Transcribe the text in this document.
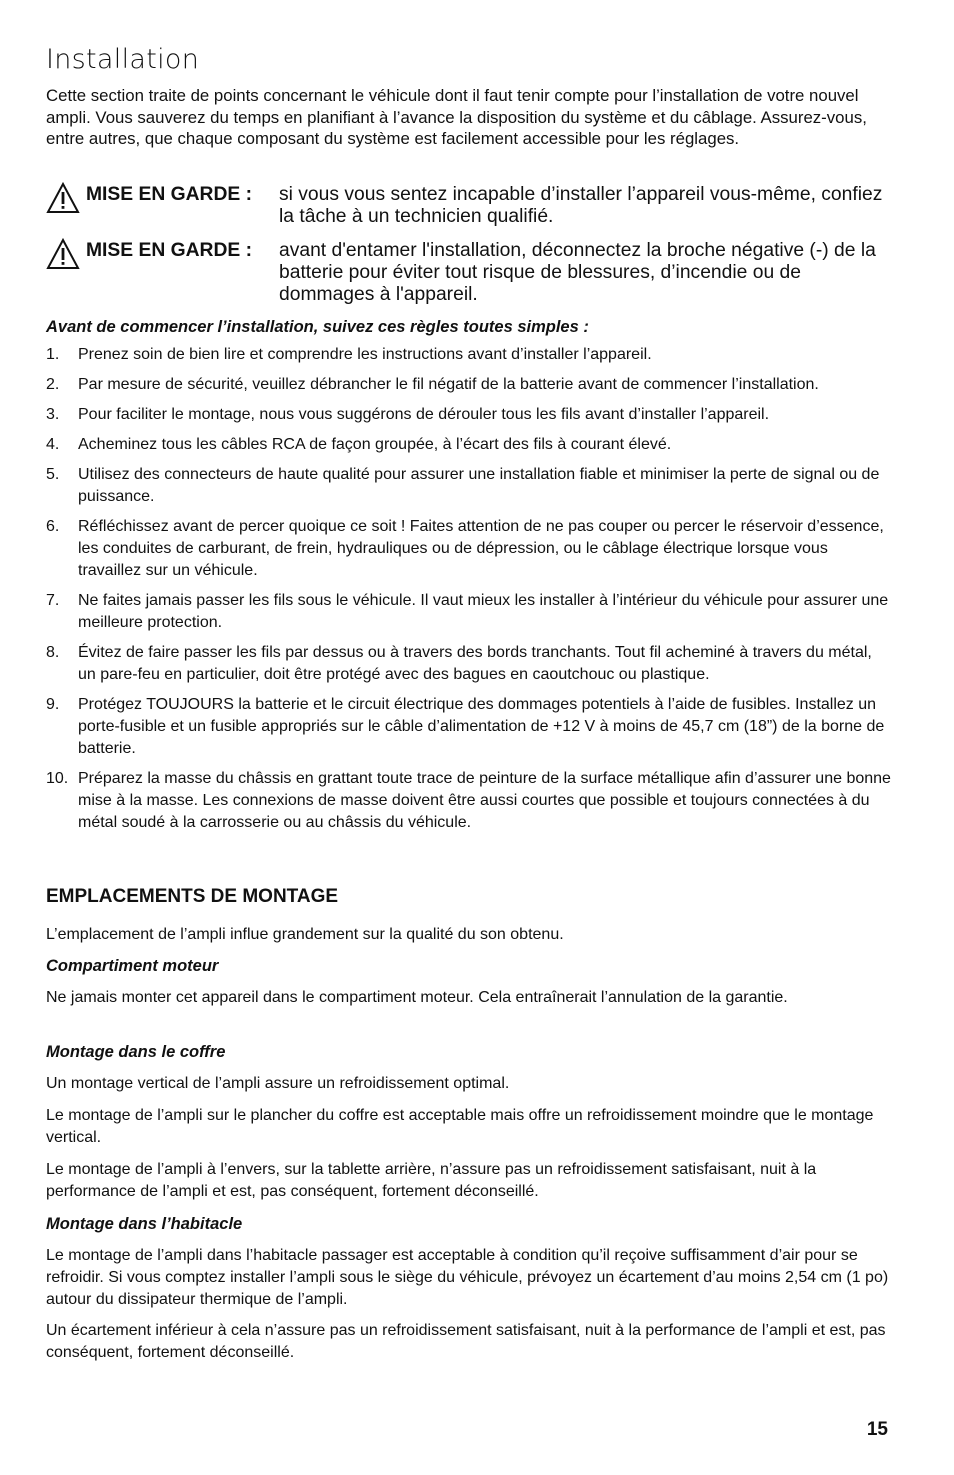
Installation

Cette section traite de points concernant le véhicule dont il faut tenir compte pour l’installation de votre nouvel ampli. Vous sauverez du temps en planifiant à l’avance la disposition du système et du câblage. Assurez-vous, entre autres, que chaque composant du système est facilement accessible pour les réglages.

MISE EN GARDE :	si vous vous sentez incapable d’installer l’appareil vous-même, confiez la tâche à un technicien qualifié.
MISE EN GARDE :	avant d'entamer l'installation, déconnectez la broche négative (-) de la batterie pour éviter tout risque de blessures, d’incendie ou de dommages à l'appareil.

Avant de commencer l’installation, suivez ces règles toutes simples :

1. Prenez soin de bien lire et comprendre les instructions avant d’installer l’appareil.
2. Par mesure de sécurité, veuillez débrancher le fil négatif de la batterie avant de commencer l’installation.
3. Pour faciliter le montage, nous vous suggérons de dérouler tous les fils avant d’installer l’appareil.
4. Acheminez tous les câbles RCA de façon groupée, à l’écart des fils à courant élevé.
5. Utilisez des connecteurs de haute qualité pour assurer une installation fiable et minimiser la perte de signal ou de puissance.
6. Réfléchissez avant de percer quoique ce soit ! Faites attention de ne pas couper ou percer le réservoir d’essence, les conduites de carburant, de frein, hydrauliques ou de dépression, ou le câblage électrique lorsque vous travaillez sur un véhicule.
7. Ne faites jamais passer les fils sous le véhicule. Il vaut mieux les installer à l’intérieur du véhicule pour assurer une meilleure protection.
8. Évitez de faire passer les fils par dessus ou à travers des bords tranchants. Tout fil acheminé à travers du métal, un pare-feu en particulier, doit être protégé avec des bagues en caoutchouc ou plastique.
9. Protégez TOUJOURS la batterie et le circuit électrique des dommages potentiels à l’aide de fusibles. Installez un porte-fusible et un fusible appropriés sur le câble d’alimentation de +12 V à moins de 45,7 cm (18”) de la borne de batterie.
10. Préparez la masse du châssis en grattant toute trace de peinture de la surface métallique afin d’assurer une bonne mise à la masse. Les connexions de masse doivent être aussi courtes que possible et toujours connectées à du métal soudé à la carrosserie ou au châssis du véhicule.
EMPLACEMENTS DE MONTAGE

L’emplacement de l’ampli influe grandement sur la qualité du son obtenu.

Compartiment moteur

Ne jamais monter cet appareil dans le compartiment moteur. Cela entraînerait l’annulation de la garantie.

Montage dans le coffre

Un montage vertical de l’ampli assure un refroidissement optimal.

Le montage de l’ampli sur le plancher du coffre est acceptable mais offre un refroidissement moindre que le montage vertical.

Le montage de l’ampli à l’envers, sur la tablette arrière, n’assure pas un refroidissement satisfaisant, nuit à la performance de l’ampli et est, pas conséquent, fortement déconseillé.

Montage dans l’habitacle

Le montage de l’ampli dans l’habitacle passager est acceptable à condition qu’il reçoive suffisamment d’air pour se refroidir. Si vous comptez installer l’ampli sous le siège du véhicule, prévoyez un écartement d’au moins 2,54 cm (1 po) autour du dissipateur thermique de l’ampli.

Un écartement inférieur à cela n’assure pas un refroidissement satisfaisant, nuit à la performance de l’ampli et est, pas conséquent, fortement déconseillé.

15
